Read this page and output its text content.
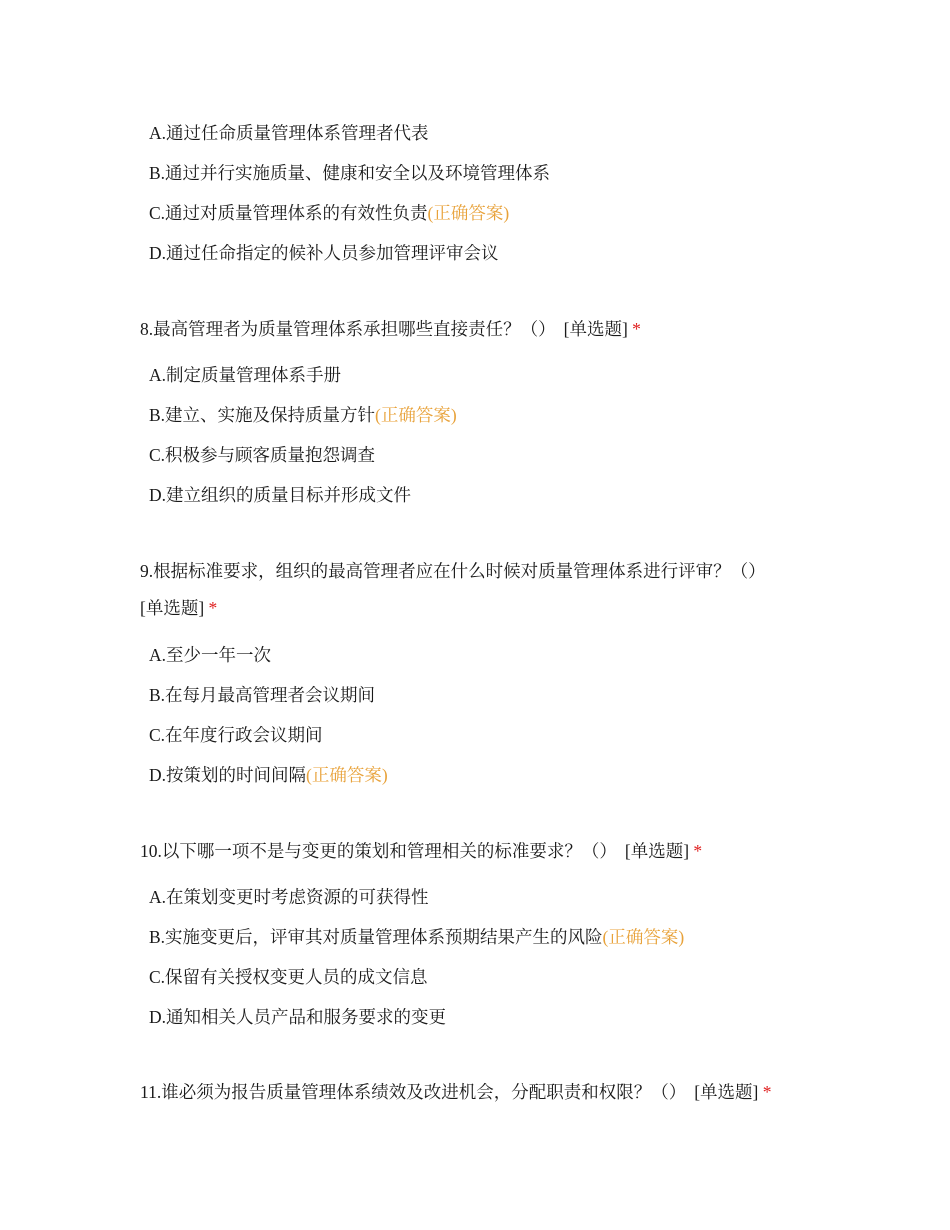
A.通过任命质量管理体系管理者代表
B.通过并行实施质量、健康和安全以及环境管理体系
C.通过对质量管理体系的有效性负责(正确答案)
D.通过任命指定的候补人员参加管理评审会议
8.最高管理者为质量管理体系承担哪些直接责任？（） [单选题] *
A.制定质量管理体系手册
B.建立、实施及保持质量方针(正确答案)
C.积极参与顾客质量抱怨调查
D.建立组织的质量目标并形成文件
9.根据标准要求，组织的最高管理者应在什么时候对质量管理体系进行评审？（）
[单选题] *
A.至少一年一次
B.在每月最高管理者会议期间
C.在年度行政会议期间
D.按策划的时间间隔(正确答案)
10.以下哪一项不是与变更的策划和管理相关的标准要求？（） [单选题] *
A.在策划变更时考虑资源的可获得性
B.实施变更后，评审其对质量管理体系预期结果产生的风险(正确答案)
C.保留有关授权变更人员的成文信息
D.通知相关人员产品和服务要求的变更
11.谁必须为报告质量管理体系绩效及改进机会，分配职责和权限？（） [单选题] *
